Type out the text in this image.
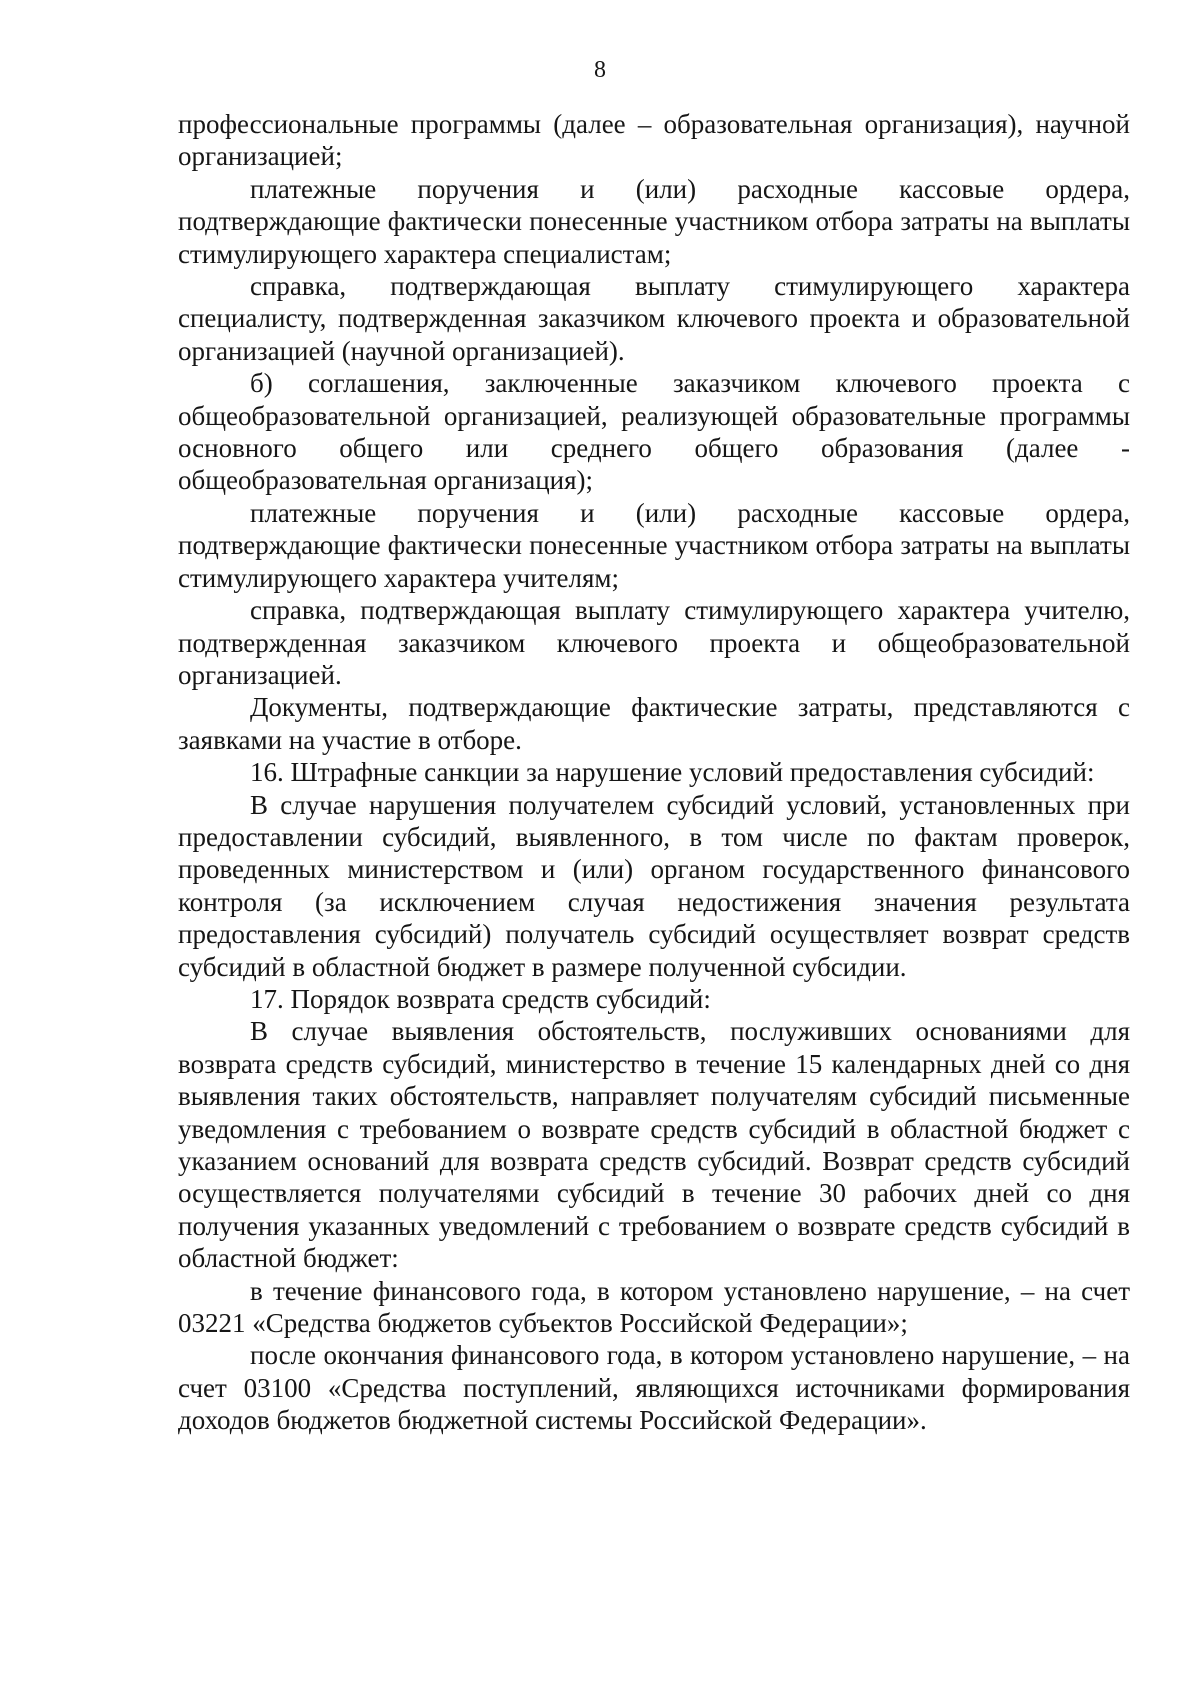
8

профессиональные программы (далее – образовательная организация), научной организацией;

платежные поручения и (или) расходные кассовые ордера, подтверждающие фактически понесенные участником отбора затраты на выплаты стимулирующего характера специалистам;

справка, подтверждающая выплату стимулирующего характера специалисту, подтвержденная заказчиком ключевого проекта и образовательной организацией (научной организацией).

б) соглашения, заключенные заказчиком ключевого проекта с общеобразовательной организацией, реализующей образовательные программы основного общего или среднего общего образования (далее - общеобразовательная организация);

платежные поручения и (или) расходные кассовые ордера, подтверждающие фактически понесенные участником отбора затраты на выплаты стимулирующего характера учителям;

справка, подтверждающая выплату стимулирующего характера учителю, подтвержденная заказчиком ключевого проекта и общеобразовательной организацией.

Документы, подтверждающие фактические затраты, представляются с заявками на участие в отборе.

16. Штрафные санкции за нарушение условий предоставления субсидий:

В случае нарушения получателем субсидий условий, установленных при предоставлении субсидий, выявленного, в том числе по фактам проверок, проведенных министерством и (или) органом государственного финансового контроля (за исключением случая недостижения значения результата предоставления субсидий) получатель субсидий осуществляет возврат средств субсидий в областной бюджет в размере полученной субсидии.

17. Порядок возврата средств субсидий:

В случае выявления обстоятельств, послуживших основаниями для возврата средств субсидий, министерство в течение 15 календарных дней со дня выявления таких обстоятельств, направляет получателям субсидий письменные уведомления с требованием о возврате средств субсидий в областной бюджет с указанием оснований для возврата средств субсидий. Возврат средств субсидий осуществляется получателями субсидий в течение 30 рабочих дней со дня получения указанных уведомлений с требованием о возврате средств субсидий в областной бюджет:

в течение финансового года, в котором установлено нарушение, – на счет 03221 «Средства бюджетов субъектов Российской Федерации»;

после окончания финансового года, в котором установлено нарушение, – на счет 03100 «Средства поступлений, являющихся источниками формирования доходов бюджетов бюджетной системы Российской Федерации».
